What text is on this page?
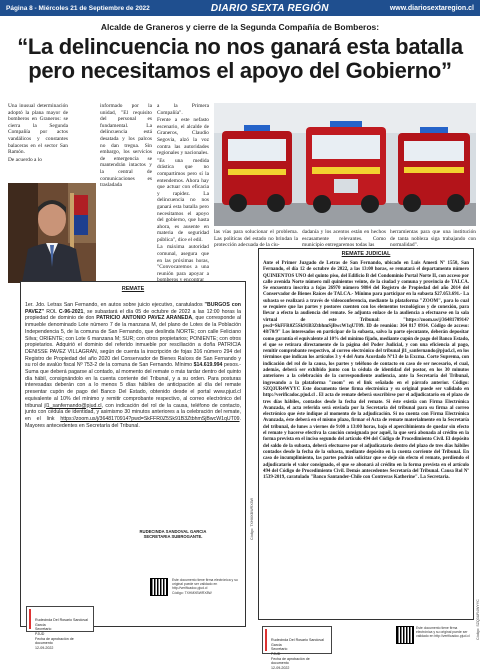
Página 8 - Miércoles 21 de Septiembre de 2022	DIARIO SEXTA REGIÓN	www.diariosextaregion.cl
Alcalde de Graneros y cierre de la Segunda Compañía de Bomberos:
“La delincuencia no nos ganará esta batalla pero necesitamos el apoyo del Gobierno”

Una inusual determinación adoptó la plana mayor de bomberos en Graneros: se cierra la Segunda Compañía por actos vandálicos y constantes balaceras en el sector San Ramón.

De acuerdo a lo

informado por la unidad, "El requisito del personal es fundamental. La delincuencia está desatada y los palcos no dan tregua. Sin embargo, los servicios de emergencia se mantendrán intactos y la central de comunicaciones es trasladada

a la Primera Compañía".

Frente a este nefasto escenario, el alcalde de Graneros, Claudio Segovia, alzó la voz contra las autoridades regionales y nacionales.

"Es una medida drástica que no compartimos pero sí la entendemos. Ahora hay que actuar con eficacia y rapidez. La delincuencia no nos ganará esta batalla pero necesitamos el apoyo del gobierno, que hasta ahora, es ausente en materia de seguridad pública", dice el edil.

La máxima autoridad comunal, asegura que en las próximas horas, "Convocaremos a una reunión para apoyar a

las vías para solucionar el problema. Las políticas del estado no brindan la protección adecuada de la ciu-
dadanía y los acentos están en hechos escasamente relevantes. Como municipio entregaremos todas las
herramientas para que una institución de tanta nobleza siga trabajando con normalidad".
REMATE
1er. Jdo. Letras San Fernando, en autos sobre juicio ejecutivo, caratulados "BURGOS con PAVEZ" ROL C-96-2021, se subastará el día 05 de octubre de 2022 a las 12:00 horas la propiedad de dominio de don PATRICIO ANTONIO PAVEZ ARANEDA, que corresponde al inmueble denominado Lote número 7 de la manzana M, del plano de Lotes de la Población Independencia 5, de la comuna de San Fernando, que deslinda NORTE; con calle Feliciano Silva; ORIENTE; con Lote 6 manzana M; SUR; con otros propietarios; PONIENTE; con otros propietarios. Adquirió el dominio del referido inmueble por resciliación a doña PATRICIA DENISSE PAVEZ VILLAGRAN, según de cuenta la inscripción de fojas 316 número 294 del Registro de Propiedad del año 2020 del Conservador de Bienes Raíces de San Fernando y su rol de avalúo fiscal Nº 753-2 de la comuna de San Fernando. Mínimo $14.619.994 pesos.- Suma que deberá pagarse al contado, al momento del remate o más tardar dentro del quinto día hábil, consignándolo en la cuenta corriente del Tribunal, y a su orden. Para posturas interesadas deberán con a lo menos 5 días hábiles de anticipación al día del remate presentar cupón de pago del Banco Del Estado, obtenido desde el portal www.pjud.cl equivalente al 10% del mínimo y remitir comprobante respectivo, al correo electrónico del tribunal jl1_sanfernando@pjud.cl, con indicación del rol de la causa, teléfono de contacto, junto con cédula de identidad, y asimismo 30 minutos anteriores a la celebración del remate, en el link https://zoom.us/j/3648170914?pwd=SkFFR0Z5Sk91B3ZtbhmSjBwcW1qUT09. Mayores antecedentes en Secretaría del Tribunal.
RUDECINDA SANDOVAL GARCIA
SECRETARIA SUBROGANTE.
Este documento tiene firma electrónica y su original puede ser validado en http://verificadoc.pjud.cl
Código: TXHMXBWRX8W

Rudecinda Del Rosario Sandoval Garcia
Secretario
PJUD
Fecha de aprobación de documento
12-09-2022

Código: TXHMXBWRX8W
REMATE JUDICIAL
Ante el Primer Juzgado de Letras de San Fernando, ubicado en Luis Amesti Nº 1550, San Fernando, el día 12 de octubre de 2022, a las 13:00 horas, se rematará el departamento número QUINIENTOS UNO del quinto piso, del Edificio B del Condominio Portal Norte II, con acceso por calle avenida Norte número mil quinientos veinte, de la ciudad y comuna y provincia de TALCA. Se encuentra inscrita a fojas 26970 número 9884 del Registro de Propiedad del año 2014 del Conservador de Bienes Raíces de TALCA.- Mínimo para participar en la subasta $27.053.691.- La subasta se realizará a través de videoconferencia, mediante la plataforma "ZOOM", para lo cual se requiere que las partes y postores cuenten con los elementos tecnológicos y de conexión, para llevar a efecto la audiencia del remate. Se adjunta enlace de la audiencia a efectuarse en la sala virtual de este Tribunal: "https://zoom.us/j/3648170914?pwd=SkFFR0Z5Sk91B3ZtbhmSjBwcW1qUT09. ID de reunión: 364 817 0914. Código de acceso: 48/70/9" Los interesados en participar de la subasta, salvo la parte ejecutante, deberán depositar como garantía el equivalente al 10% del mínimo fijado, mediante cupón de pago del Banco Estado, el que se retirara directamente de la página del Poder Judicial, y con una eficiencia al pago, remitir comprobante respectivo, al correo electrónico del tribunal jl1_sanfernando@pjud.cl, en los términos que indican los artículos 3 y 4 del Auto Acordado Nº13 de la Excma. Corte Suprema, con indicación del rol de la causa, los partes y teléfono de contacto en caso de ser necesario, el cual, además, deberá ser exhibido junto con la cédula de identidad del postor, en los 30 minutos anteriores a la celebración de la correspondiente audiencia, ante la Secretaria del Tribunal, ingresando a la plataforma "zoom" en el link señalado en el párrafo anterior. Código: SZQ3UR4WYYC Este documento tiene firma electrónica y su original puede ser validado en http://verificadoc.pjud.cl . El acta de remate deberá suscribirse por el adjudicatario en el plazo de tres días hábiles, contados desde la fecha del remate. Si éste existía con Firma Electrónica Avanzada, el acta referida será enviada por la Secretaria del tribunal para su firma al correo electrónico que éste indique al momento de la adjudicación. Si no cuenta con Firma Electrónica Avanzada, éste deberá en el mismo plazo, firmar el Acta de remate materialmente en la Secretaría del tribunal, de lunes a viernes de 9:00 a 13:00 horas, bajo el apercibimiento de quedar sin efecto el remate y hacerse efectiva la caución consignada por aquél, la que será abonada al crédito en la forma prevista en el inciso segundo del artículo 494 del Código de Procedimiento Civil. El depósito del saldo de la subasta, deberá efectuarse por el adjudicatario dentro del plazo de tres días hábiles contados desde la fecha de la subasta, mediante depósito en la cuenta corriente del Tribunal. En caso de incumplimiento, las partes podrán solicitar que se deje sin efecto el remate, perdiendo el adjudicatario el valor consignado, el que se abonará al crédito en la forma prevista en el artículo 494 del Código de Procedimiento Civil. Demás antecedentes Secretaría del Tribunal. Causa Rol Nº 1539-2019, caratulado "Banco Santander-Chile con Contreras Katherine". La Secretaria.
Este documento tiene firma electrónica y su original puede ser validado en http://verificadoc.pjud.cl

Rudecinda Del Rosario Sandoval Garcia
Secretario
PJUD
Fecha de aprobación de documento
12-09-2022

Código: SZQ3UR4WYYC
